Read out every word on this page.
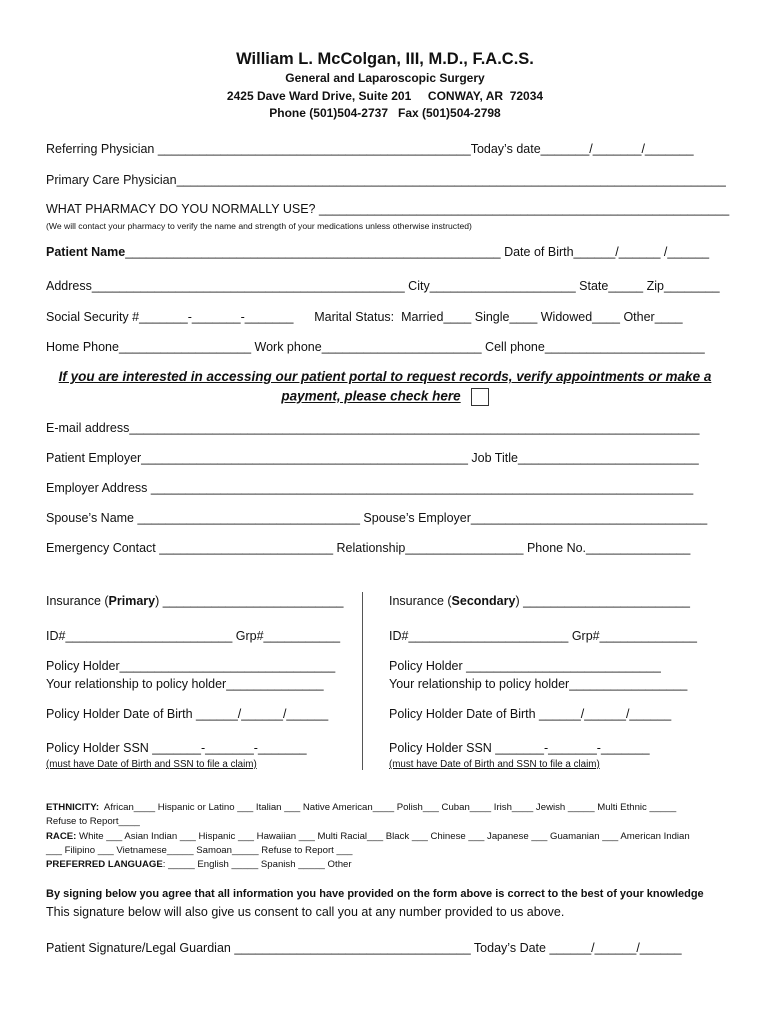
William L. McColgan, III, M.D., F.A.C.S.
General and Laparoscopic Surgery
2425 Dave Ward Drive, Suite 201     CONWAY, AR  72034
Phone (501)504-2737   Fax (501)504-2798
Referring Physician _____________________________________________Today’s date_______/_______/_______
Primary Care Physician_______________________________________________________________________________
WHAT PHARMACY DO YOU NORMALLY USE? ___________________________________________________________
(We will contact your pharmacy to verify the name and strength of your medications unless otherwise instructed)
Patient Name______________________________________________________ Date of Birth______/______ /______
Address_____________________________________________ City_____________________ State_____ Zip________
Social Security #_______-_______-_______      Marital Status:  Married____ Single____ Widowed____ Other____
Home Phone___________________ Work phone_______________________ Cell phone_______________________
If you are interested in accessing our patient portal to request records, verify appointments or make a
payment, please check here
E-mail address__________________________________________________________________________________
Patient Employer_______________________________________________ Job Title__________________________
Employer Address ______________________________________________________________________________
Spouse’s Name ________________________________ Spouse’s Employer__________________________________
Emergency Contact _________________________ Relationship_________________ Phone No._______________
Insurance (Primary) __________________________
ID#________________________ Grp#___________
Policy Holder_______________________________
Your relationship to policy holder______________
Policy Holder Date of Birth ______/______/______
Policy Holder SSN _______-_______-_______
(must have Date of Birth and SSN to file a claim)
Insurance (Secondary) ________________________
ID#_______________________ Grp#______________
Policy Holder ____________________________
Your relationship to policy holder_________________
Policy Holder Date of Birth ______/______/______
Policy Holder SSN _______-_______-_______
(must have Date of Birth and SSN to file a claim)
ETHNICITY:  African____ Hispanic or Latino ___ Italian ___ Native American____ Polish___ Cuban____ Irish____ Jewish _____ Multi Ethnic _____
Refuse to Report____
RACE: White ___ Asian Indian ___ Hispanic ___ Hawaiian ___ Multi Racial___ Black ___ Chinese ___ Japanese ___ Guamanian ___ American Indian
___ Filipino ___ Vietnamese_____ Samoan_____ Refuse to Report ___
PREFERRED LANGUAGE: _____ English _____ Spanish _____ Other
By signing below you agree that all information you have provided on the form above is correct to the best of your knowledge
This signature below will also give us consent to call you at any number provided to us above.
Patient Signature/Legal Guardian __________________________________ Today’s Date ______/______/______
